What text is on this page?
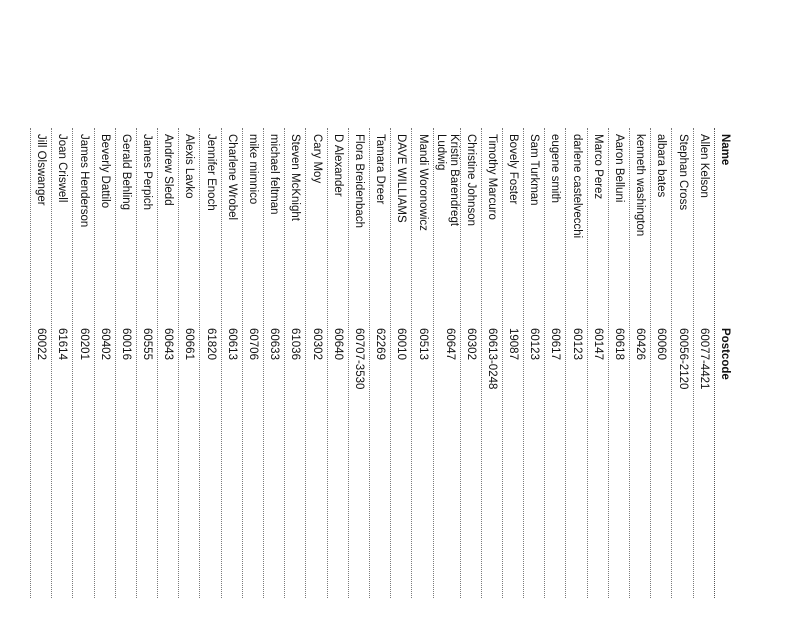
Name
Postcode
Allen Kelson
60077-4421
Stephan Cross
60056-2120
albara bates
60060
kenneth washington
60426
Aaron Belluni
60618
Marco Perez
60147
darlene castelvecchi
60123
eugene smith
60617
Sam Turkman
60123
Bovely Foster
19087
Timothy Marcuro
60613-0248
Christine Johnson
60302
Kristin Barendregt
Ludwig
60647
Mandi Woronowicz
60513
DAVE WILLIAMS
60010
Tamara Dreer
62269
Flora Breidenbach
60707-3530
D Alexander
60640
Cary Moy
60302
Steven McKnight
61036
michael feltman
60633
mike mimnico
60706
Charlene Wrobel
60613
Jennifer Enoch
61820
Alexis Lavko
60661
Andrew Sledd
60643
James Perpich
60555
Gerald Behling
60016
Beverly Dattilo
60402
James Henderson
60201
Joan Criswell
61614
Jill Olswanger
60022
